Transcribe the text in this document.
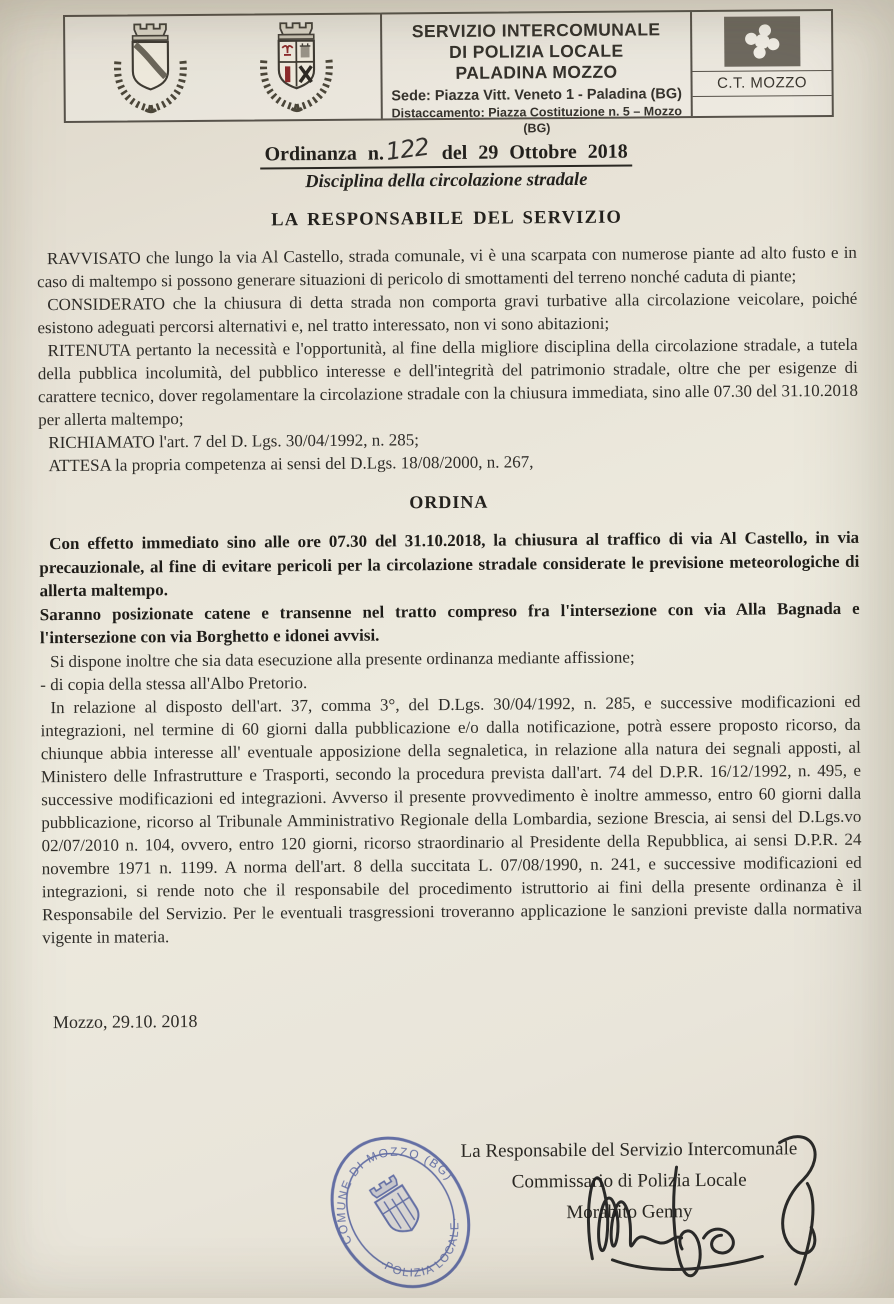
SERVIZIO INTERCOMUNALE
DI POLIZIA LOCALE
PALADINA MOZZO
Sede: Piazza Vitt. Veneto 1 - Paladina (BG)
Distaccamento: Piazza Costituzione n. 5 – Mozzo (BG)
C.T. MOZZO
Ordinanza n.122 del 29 Ottobre 2018
Disciplina della circolazione stradale
LA RESPONSABILE DEL SERVIZIO

RAVVISATO che lungo la via Al Castello, strada comunale, vi è una scarpata con numerose piante ad alto fusto e in caso di maltempo si possono generare situazioni di pericolo di smottamenti del terreno nonché caduta di piante;

CONSIDERATO che la chiusura di detta strada non comporta gravi turbative alla circolazione veicolare, poiché esistono adeguati percorsi alternativi e, nel tratto interessato, non vi sono abitazioni;

RITENUTA pertanto la necessità e l'opportunità, al fine della migliore disciplina della circolazione stradale, a tutela della pubblica incolumità, del pubblico interesse e dell'integrità del patrimonio stradale, oltre che per esigenze di carattere tecnico, dover regolamentare la circolazione stradale con la chiusura immediata, sino alle 07.30 del 31.10.2018 per allerta maltempo;

RICHIAMATO l'art. 7 del D. Lgs. 30/04/1992, n. 285;

ATTESA la propria competenza ai sensi del D.Lgs. 18/08/2000, n. 267,

ORDINA

Con effetto immediato sino alle ore 07.30 del 31.10.2018, la chiusura al traffico di via Al Castello, in via precauzionale, al fine di evitare pericoli per la circolazione stradale considerate le previsione meteorologiche di allerta maltempo.

Saranno posizionate catene e transenne nel tratto compreso fra l'intersezione con via Alla Bagnada e l'intersezione con via Borghetto e idonei avvisi.

Si dispone inoltre che sia data esecuzione alla presente ordinanza mediante affissione;

- di copia della stessa all'Albo Pretorio.

In relazione al disposto dell'art. 37, comma 3°, del D.Lgs. 30/04/1992, n. 285, e successive modificazioni ed integrazioni, nel termine di 60 giorni dalla pubblicazione e/o dalla notificazione, potrà essere proposto ricorso, da chiunque abbia interesse all' eventuale apposizione della segnaletica, in relazione alla natura dei segnali apposti, al Ministero delle Infrastrutture e Trasporti, secondo la procedura prevista dall'art. 74 del D.P.R. 16/12/1992, n. 495, e successive modificazioni ed integrazioni. Avverso il presente provvedimento è inoltre ammesso, entro 60 giorni dalla pubblicazione, ricorso al Tribunale Amministrativo Regionale della Lombardia, sezione Brescia, ai sensi del D.Lgs.vo 02/07/2010 n. 104, ovvero, entro 120 giorni, ricorso straordinario al Presidente della Repubblica, ai sensi D.P.R. 24 novembre 1971 n. 1199. A norma dell'art. 8 della succitata L. 07/08/1990, n. 241, e successive modificazioni ed integrazioni, si rende noto che il responsabile del procedimento istruttorio ai fini della presente ordinanza è il Responsabile del Servizio. Per le eventuali trasgressioni troveranno applicazione le sanzioni previste dalla normativa vigente in materia.

Mozzo, 29.10. 2018

COMUNE DI MOZZO (BG)
·POLIZIA LOCALE·
La Responsabile del Servizio Intercomunale
Commissario di Polizia Locale
Morabito Genny
